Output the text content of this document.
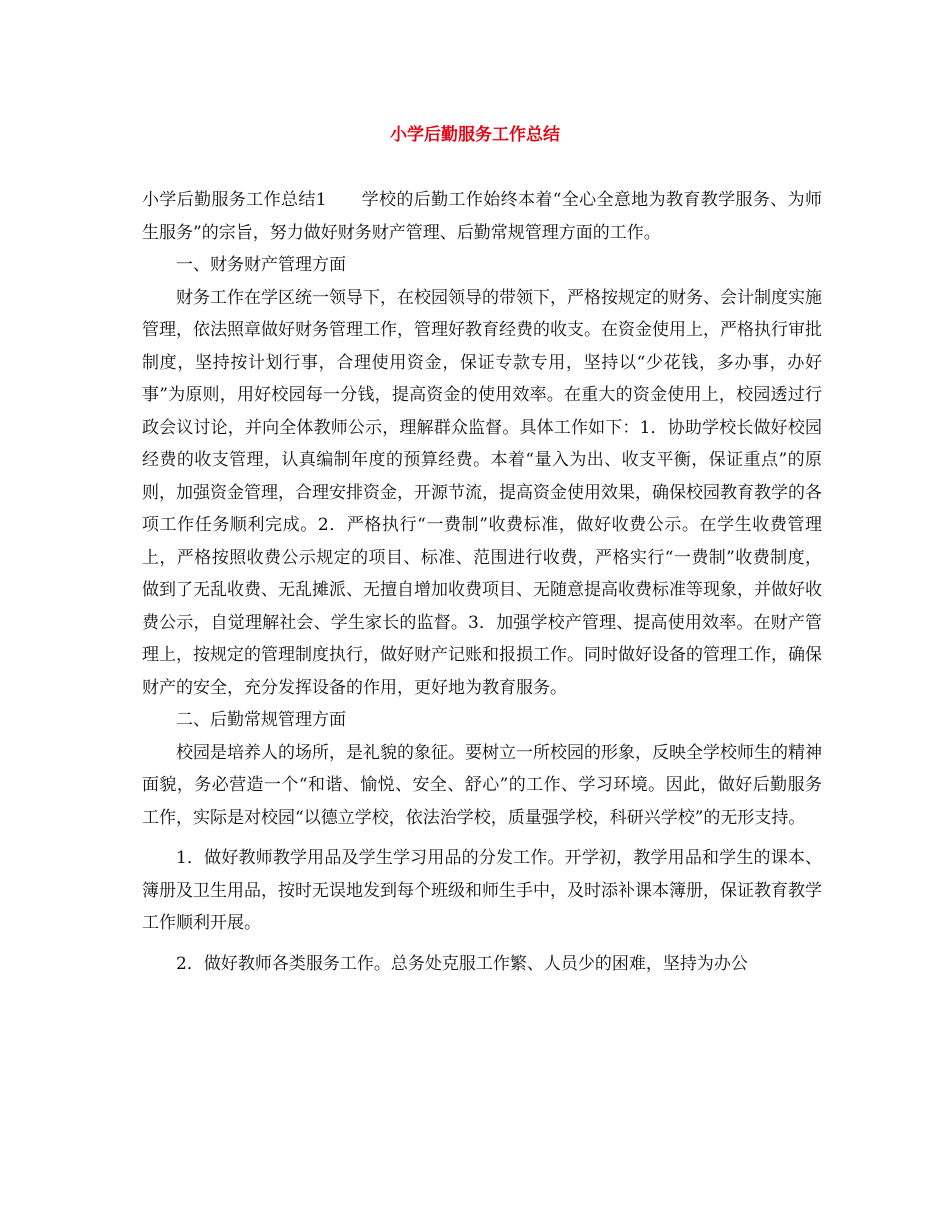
小学后勤服务工作总结

小学后勤服务工作总结1　　学校的后勤工作始终本着“全心全意地为教育教学服务、为师生服务”的宗旨，努力做好财务财产管理、后勤常规管理方面的工作。

一、财务财产管理方面

财务工作在学区统一领导下，在校园领导的带领下，严格按规定的财务、会计制度实施管理，依法照章做好财务管理工作，管理好教育经费的收支。在资金使用上，严格执行审批制度，坚持按计划行事，合理使用资金，保证专款专用，坚持以“少花钱，多办事，办好事”为原则，用好校园每一分钱，提高资金的使用效率。在重大的资金使用上，校园透过行政会议讨论，并向全体教师公示，理解群众监督。具体工作如下：1．协助学校长做好校园经费的收支管理，认真编制年度的预算经费。本着“量入为出、收支平衡，保证重点”的原则，加强资金管理，合理安排资金，开源节流，提高资金使用效果，确保校园教育教学的各项工作任务顺利完成。2．严格执行“一费制”收费标准，做好收费公示。在学生收费管理上，严格按照收费公示规定的项目、标准、范围进行收费，严格实行“一费制”收费制度，做到了无乱收费、无乱摊派、无擅自增加收费项目、无随意提高收费标准等现象，并做好收费公示，自觉理解社会、学生家长的监督。3．加强学校产管理、提高使用效率。在财产管理上，按规定的管理制度执行，做好财产记账和报损工作。同时做好设备的管理工作，确保财产的安全，充分发挥设备的作用，更好地为教育服务。

二、后勤常规管理方面

校园是培养人的场所，是礼貌的象征。要树立一所校园的形象，反映全学校师生的精神面貌，务必营造一个“和谐、愉悦、安全、舒心”的工作、学习环境。因此，做好后勤服务工作，实际是对校园“以德立学校，依法治学校，质量强学校，科研兴学校”的无形支持。

1．做好教师教学用品及学生学习用品的分发工作。开学初，教学用品和学生的课本、簿册及卫生用品，按时无误地发到每个班级和师生手中，及时添补课本簿册，保证教育教学工作顺利开展。

2．做好教师各类服务工作。总务处克服工作繁、人员少的困难，坚持为办公
